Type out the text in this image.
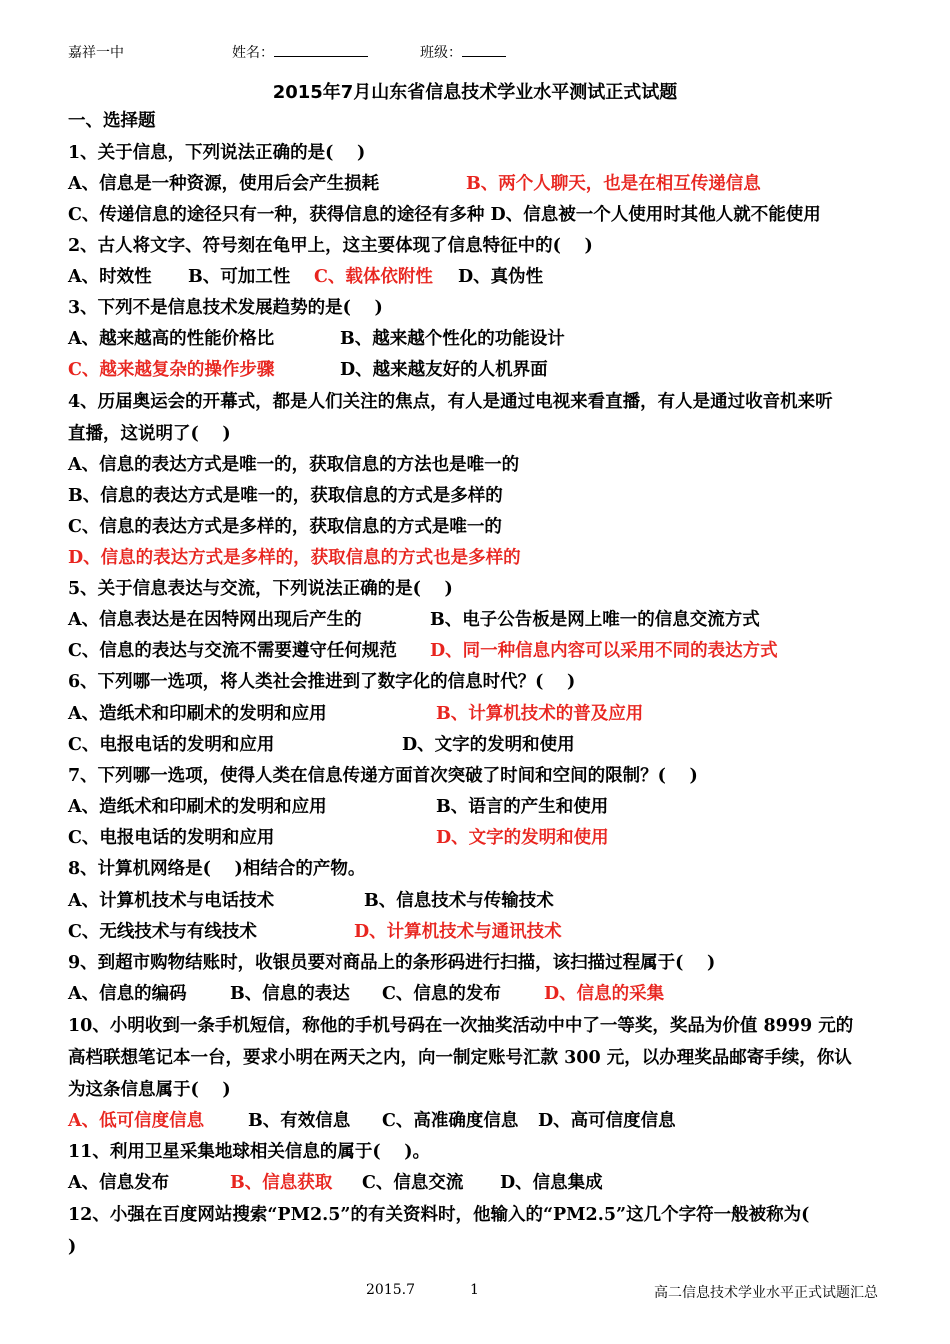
嘉祥一中	姓名：	班级：
2015年7月山东省信息技术学业水平测试正式试题
一、选择题
1、关于信息，下列说法正确的是(　 )
A、信息是一种资源，使用后会产生损耗	B、两个人聊天，也是在相互传递信息
C、传递信息的途径只有一种，获得信息的途径有多种 D、信息被一个人使用时其他人就不能使用
2、古人将文字、符号刻在龟甲上，这主要体现了信息特征中的(　 )
A、时效性 B、可加工性 C、载体依附性 D、真伪性
3、下列不是信息技术发展趋势的是(　 )
A、越来越高的性能价格比	B、越来越个性化的功能设计
C、越来越复杂的操作步骤	D、越来越友好的人机界面
4、历届奥运会的开幕式，都是人们关注的焦点，有人是通过电视来看直播，有人是通过收音机来听
直播，这说明了(　 )
A、信息的表达方式是唯一的，获取信息的方法也是唯一的
B、信息的表达方式是唯一的，获取信息的方式是多样的
C、信息的表达方式是多样的，获取信息的方式是唯一的
D、信息的表达方式是多样的，获取信息的方式也是多样的
5、关于信息表达与交流，下列说法正确的是(　 )
A、信息表达是在因特网出现后产生的	B、电子公告板是网上唯一的信息交流方式
C、信息的表达与交流不需要遵守任何规范 D、同一种信息内容可以采用不同的表达方式
6、下列哪一选项，将人类社会推进到了数字化的信息时代？(　 )
A、造纸术和印刷术的发明和应用	B、计算机技术的普及应用
C、电报电话的发明和应用	D、文字的发明和使用
7、下列哪一选项，使得人类在信息传递方面首次突破了时间和空间的限制？(　 )
A、造纸术和印刷术的发明和应用	B、语言的产生和使用
C、电报电话的发明和应用	D、文字的发明和使用
8、计算机网络是(　 )相结合的产物。
A、计算机技术与电话技术	B、信息技术与传输技术
C、无线技术与有线技术	D、计算机技术与通讯技术
9、到超市购物结账时，收银员要对商品上的条形码进行扫描，该扫描过程属于(　 )
A、信息的编码 B、信息的表达 C、信息的发布 D、信息的采集
10、小明收到一条手机短信，称他的手机号码在一次抽奖活动中中了一等奖，奖品为价值 8999 元的
高档联想笔记本一台，要求小明在两天之内，向一制定账号汇款 300 元，以办理奖品邮寄手续，你认
为这条信息属于(　 )
A、低可信度信息	B、有效信息 C、高准确度信息 D、高可信度信息
11、利用卫星采集地球相关信息的属于(　 )。
A、信息发布	B、信息获取 C、信息交流 D、信息集成
12、小强在百度网站搜索“PM2.5”的有关资料时，他输入的“PM2.5”这几个字符一般被称为(
)
2015.7	1	高二信息技术学业水平正式试题汇总
